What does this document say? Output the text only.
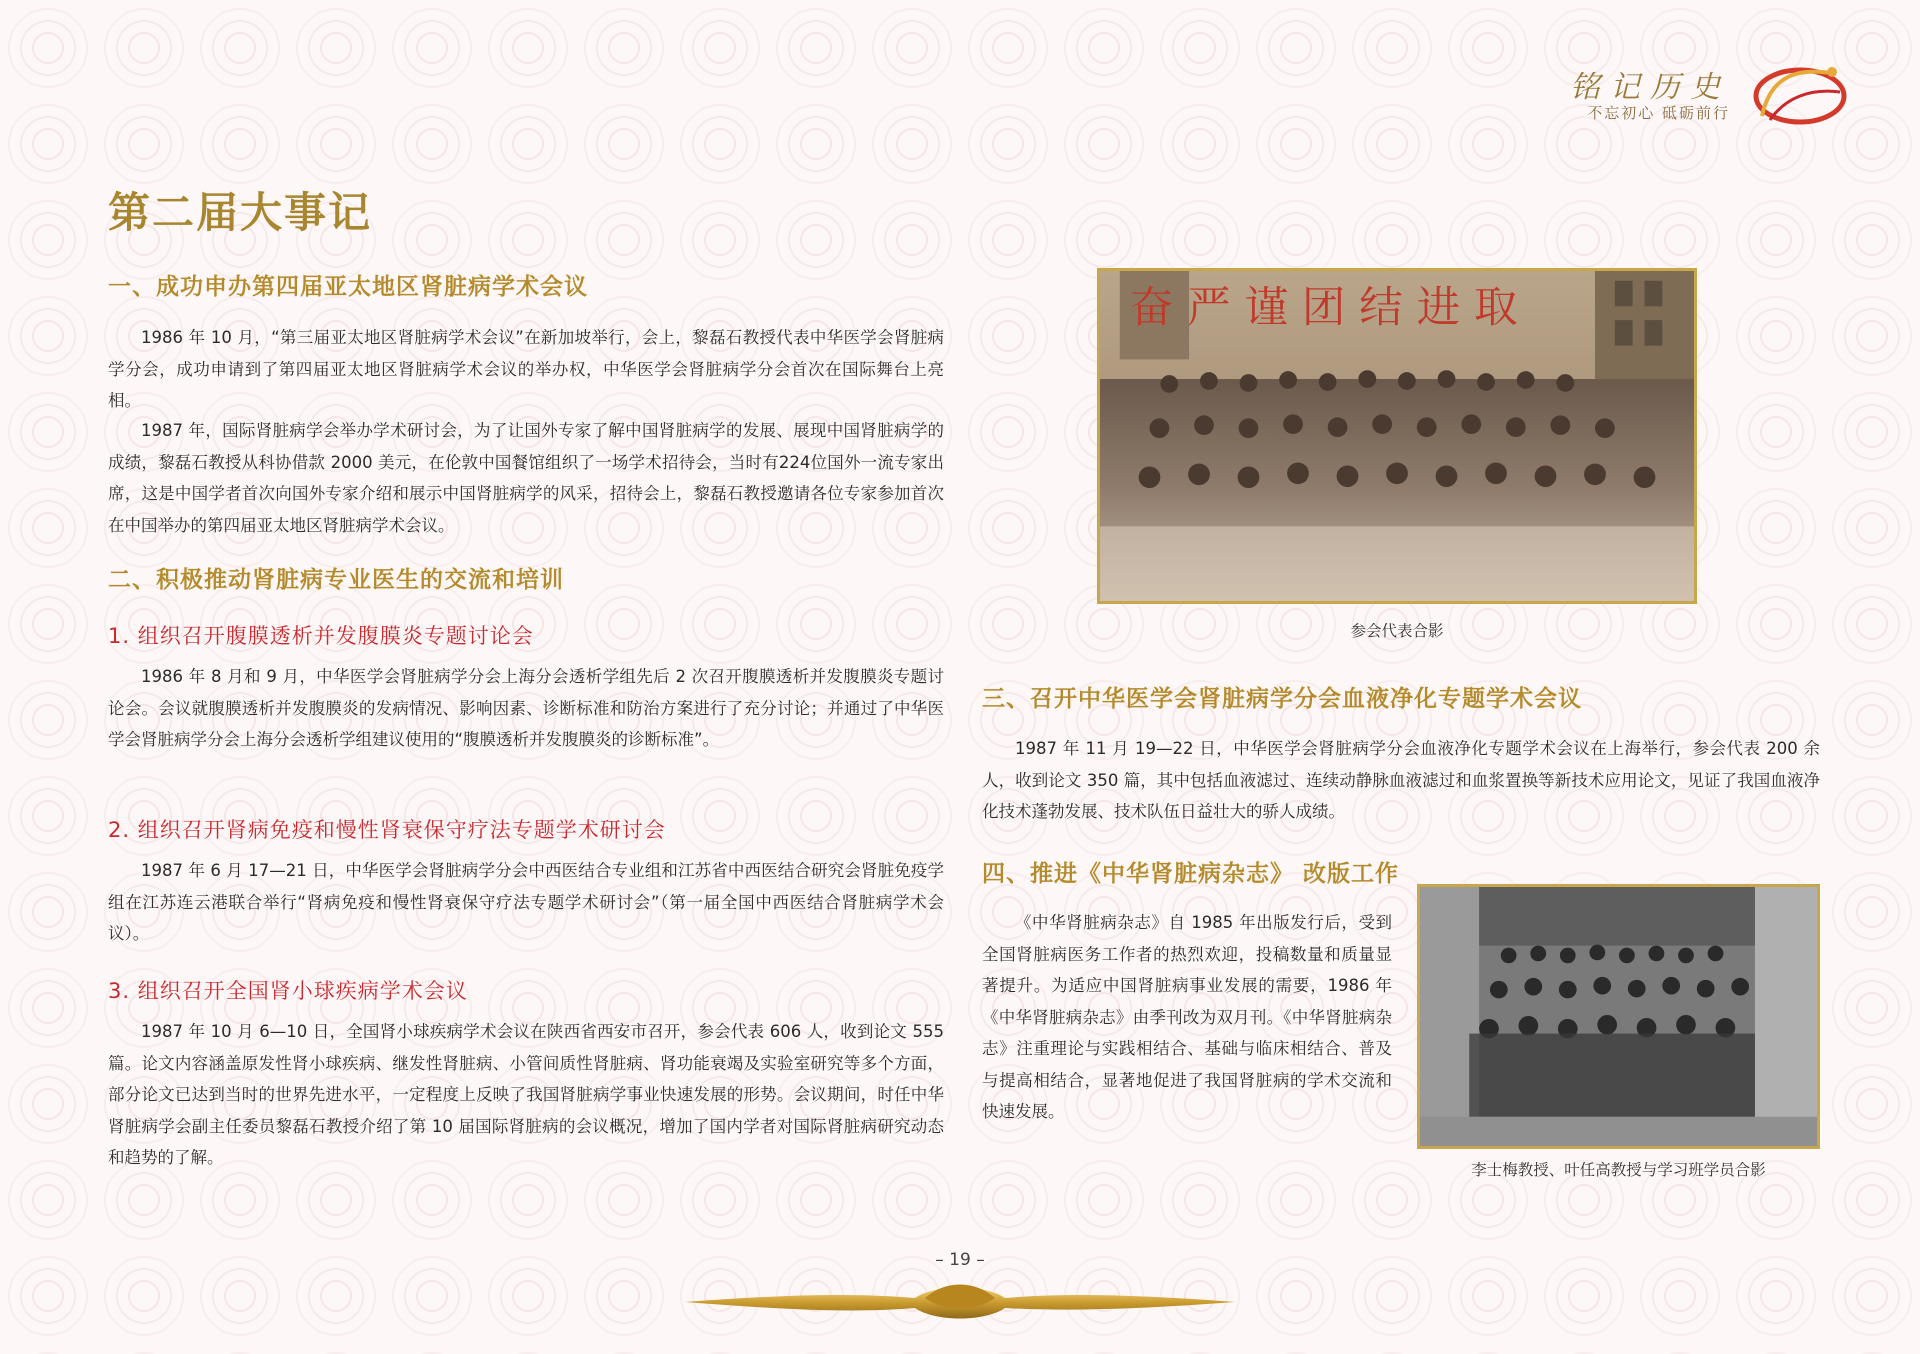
铭记历史
不忘初心 砥砺前行
第二届大事记
一、成功申办第四届亚太地区肾脏病学术会议

1986 年 10 月，“第三届亚太地区肾脏病学术会议”在新加坡举行，会上，黎磊石教授代表中华医学会肾脏病学分会，成功申请到了第四届亚太地区肾脏病学术会议的举办权，中华医学会肾脏病学分会首次在国际舞台上亮相。

1987 年，国际肾脏病学会举办学术研讨会，为了让国外专家了解中国肾脏病学的发展、展现中国肾脏病学的成绩，黎磊石教授从科协借款 2000 美元，在伦敦中国餐馆组织了一场学术招待会，当时有224位国外一流专家出席，这是中国学者首次向国外专家介绍和展示中国肾脏病学的风采，招待会上，黎磊石教授邀请各位专家参加首次在中国举办的第四届亚太地区肾脏病学术会议。

二、积极推动肾脏病专业医生的交流和培训
1. 组织召开腹膜透析并发腹膜炎专题讨论会

1986 年 8 月和 9 月，中华医学会肾脏病学分会上海分会透析学组先后 2 次召开腹膜透析并发腹膜炎专题讨论会。会议就腹膜透析并发腹膜炎的发病情况、影响因素、诊断标准和防治方案进行了充分讨论；并通过了中华医学会肾脏病学分会上海分会透析学组建议使用的“腹膜透析并发腹膜炎的诊断标准”。

2. 组织召开肾病免疫和慢性肾衰保守疗法专题学术研讨会

1987 年 6 月 17—21 日，中华医学会肾脏病学分会中西医结合专业组和江苏省中西医结合研究会肾脏免疫学组在江苏连云港联合举行“肾病免疫和慢性肾衰保守疗法专题学术研讨会”（第一届全国中西医结合肾脏病学术会议）。

3. 组织召开全国肾小球疾病学术会议

1987 年 10 月 6—10 日，全国肾小球疾病学术会议在陕西省西安市召开，参会代表 606 人，收到论文 555 篇。论文内容涵盖原发性肾小球疾病、继发性肾脏病、小管间质性肾脏病、肾功能衰竭及实验室研究等多个方面，部分论文已达到当时的世界先进水平，一定程度上反映了我国肾脏病学事业快速发展的形势。会议期间，时任中华肾脏病学会副主任委员黎磊石教授介绍了第 10 届国际肾脏病的会议概况，增加了国内学者对国际肾脏病研究动态和趋势的了解。

奋 严 谨 团 结 进 取
参会代表合影
三、召开中华医学会肾脏病学分会血液净化专题学术会议

1987 年 11 月 19—22 日，中华医学会肾脏病学分会血液净化专题学术会议在上海举行，参会代表 200 余人，收到论文 350 篇，其中包括血液滤过、连续动静脉血液滤过和血浆置换等新技术应用论文，见证了我国血液净化技术蓬勃发展、技术队伍日益壮大的骄人成绩。

四、推进《中华肾脏病杂志》 改版工作

《中华肾脏病杂志》自 1985 年出版发行后，受到全国肾脏病医务工作者的热烈欢迎，投稿数量和质量显著提升。为适应中国肾脏病事业发展的需要，1986 年《中华肾脏病杂志》由季刊改为双月刊。《中华肾脏病杂志》注重理论与实践相结合、基础与临床相结合、普及与提高相结合，显著地促进了我国肾脏病的学术交流和快速发展。

李士梅教授、叶任高教授与学习班学员合影
– 19 –
